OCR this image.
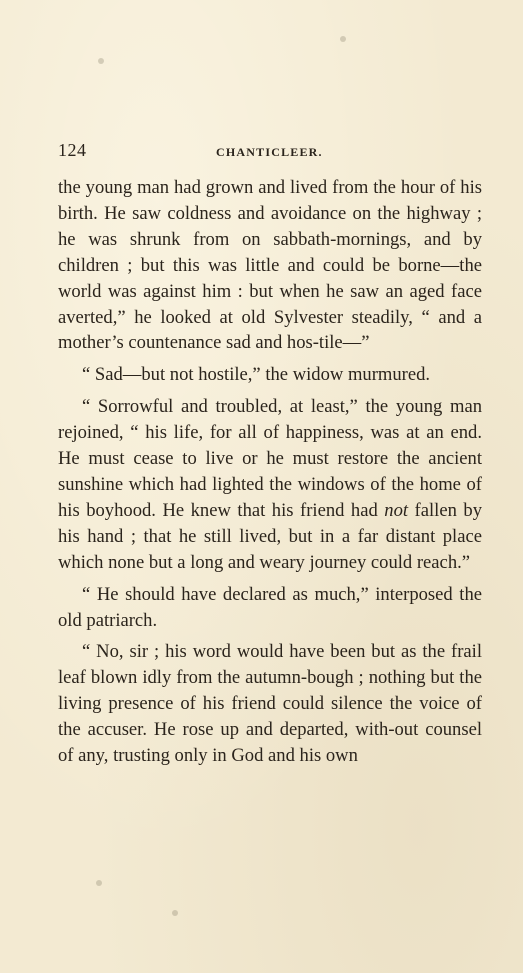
124	CHANTICLEER.

the young man had grown and lived from the hour of his birth. He saw coldness and avoidance on the highway ; he was shrunk from on sabbath-mornings, and by children ; but this was little and could be borne—the world was against him : but when he saw an aged face averted,” he looked at old Sylvester steadily, “ and a mother’s countenance sad and hos-tile—”

“ Sad—but not hostile,” the widow murmured.

“ Sorrowful and troubled, at least,” the young man rejoined, “ his life, for all of happiness, was at an end. He must cease to live or he must restore the ancient sunshine which had lighted the windows of the home of his boyhood. He knew that his friend had not fallen by his hand ; that he still lived, but in a far distant place which none but a long and weary journey could reach.”

“ He should have declared as much,” interposed the old patriarch.

“ No, sir ; his word would have been but as the frail leaf blown idly from the autumn-bough ; nothing but the living presence of his friend could silence the voice of the accuser. He rose up and departed, with-out counsel of any, trusting only in God and his own
